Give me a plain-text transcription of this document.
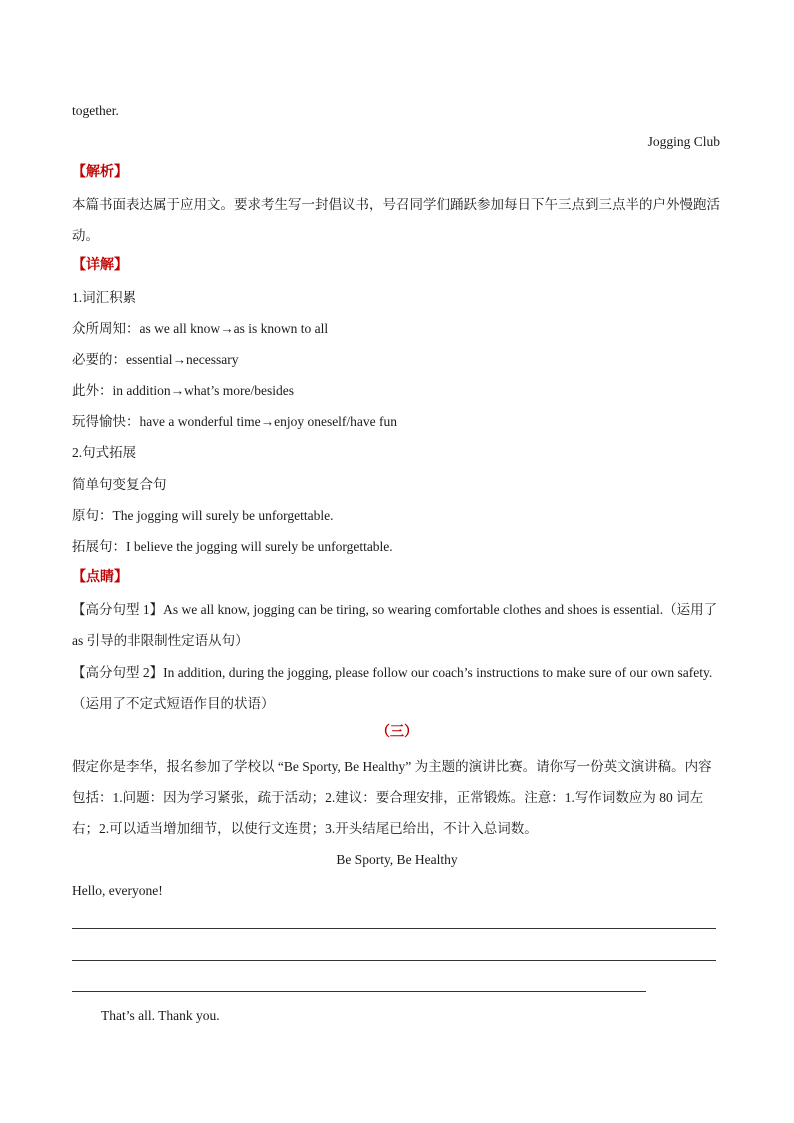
together.
Jogging Club
【解析】
本篇书面表达属于应用文。要求考生写一封倡议书，号召同学们踊跃参加每日下午三点到三点半的户外慢跑活动。
【详解】
1.词汇积累
众所周知：as we all know→as is known to all
必要的：essential→necessary
此外：in addition→what’s more/besides
玩得愉快：have a wonderful time→enjoy oneself/have fun
2.句式拓展
简单句变复合句
原句：The jogging will surely be unforgettable.
拓展句：I believe the jogging will surely be unforgettable.
【点睛】
【高分句型 1】As we all know, jogging can be tiring, so wearing comfortable clothes and shoes is essential.（运用了 as 引导的非限制性定语从句）
【高分句型 2】In addition, during the jogging, please follow our coach’s instructions to make sure of our own safety.（运用了不定式短语作目的状语）
（三）
假定你是李华，报名参加了学校以 “Be Sporty, Be Healthy” 为主题的演讲比赛。请你写一份英文演讲稿。内容包括：1.问题：因为学习紧张，疏于活动；2.建议：要合理安排，正常锻炼。注意：1.写作词数应为 80 词左右；2.可以适当增加细节，以使行文连贯；3.开头结尾已给出，不计入总词数。
Be Sporty, Be Healthy
Hello, everyone!
That’s all. Thank you.
